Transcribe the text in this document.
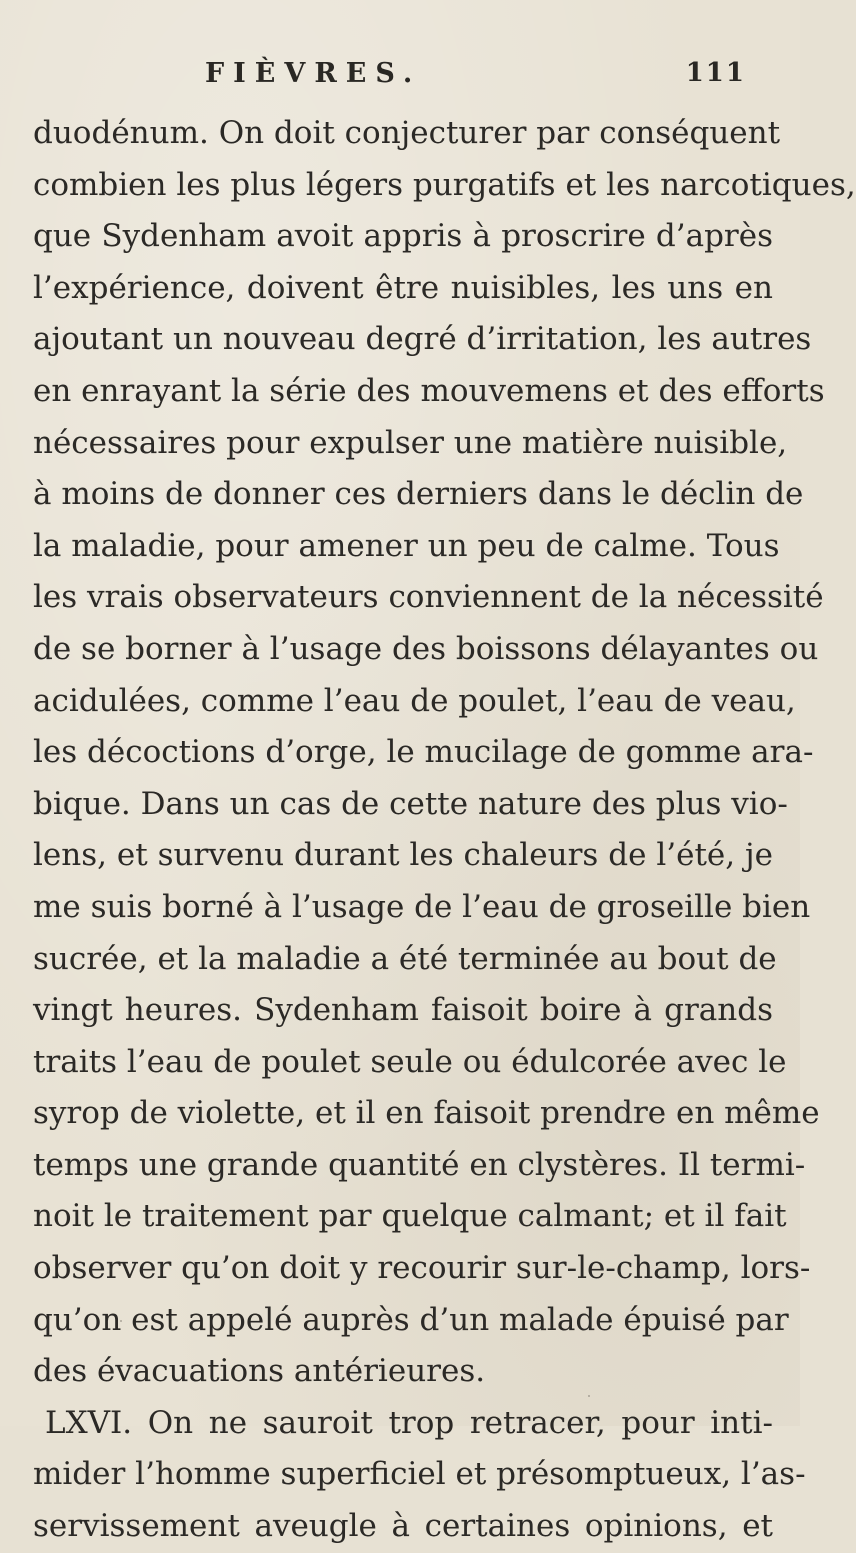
FIÈVRES.	111
duodénum. On doit conjecturer par conséquent
combien les plus légers purgatifs et les narcotiques,
que Sydenham avoit appris à proscrire d’après
l’expérience, doivent être nuisibles, les uns en
ajoutant un nouveau degré d’irritation, les autres
en enrayant la série des mouvemens et des efforts
nécessaires pour expulser une matière nuisible,
à moins de donner ces derniers dans le déclin de
la maladie, pour amener un peu de calme. Tous
les vrais observateurs conviennent de la nécessité
de se borner à l’usage des boissons délayantes ou
acidulées, comme l’eau de poulet, l’eau de veau,
les décoctions d’orge, le mucilage de gomme ara-
bique. Dans un cas de cette nature des plus vio-
lens, et survenu durant les chaleurs de l’été, je
me suis borné à l’usage de l’eau de groseille bien
sucrée, et la maladie a été terminée au bout de
vingt heures. Sydenham faisoit boire à grands
traits l’eau de poulet seule ou édulcorée avec le
syrop de violette, et il en faisoit prendre en même
temps une grande quantité en clystères. Il termi-
noit le traitement par quelque calmant; et il fait
observer qu’on doit y recourir sur-le-champ, lors-
qu’on est appelé auprès d’un malade épuisé par
des évacuations antérieures.
LXVI. On ne sauroit trop retracer, pour inti-
mider l’homme superficiel et présomptueux, l’as-
servissement aveugle à certaines opinions, et
